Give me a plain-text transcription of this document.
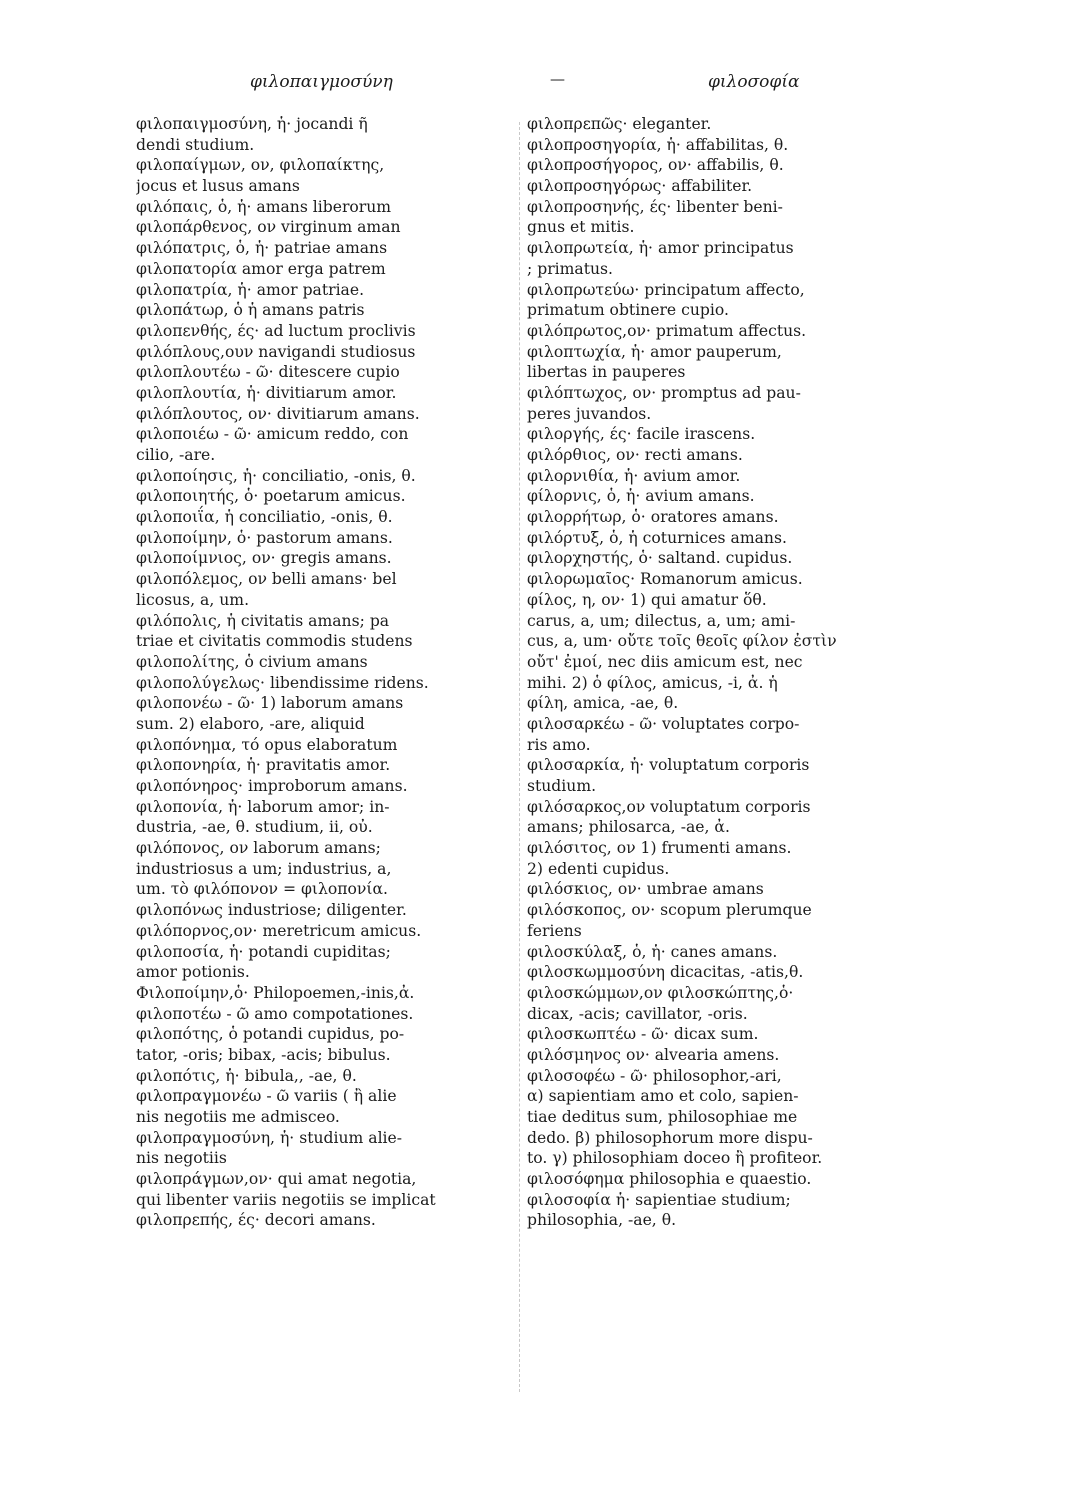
φιλοπαιγμοσύνη	—	φιλοσοφία
φιλοπαιγμοσύνη, ἡ· jocandi ῆ
dendi studium.
φιλοπαίγμων, ον, φιλοπαίκτης,
jocus et lusus amans
φιλόπαις, ὁ, ἡ· amans liberorum
φιλοπάρθενος, ον virginum aman
φιλόπατρις, ὁ, ἡ· patriae amans
φιλοπατορία amor erga patrem
φιλοπατρία, ἡ· amor patriae.
φιλοπάτωρ, ὁ ἡ amans patris
φιλοπενθής, ές· ad luctum proclivis
φιλόπλους,ουν navigandi studiosus
φιλοπλουτέω - ῶ· ditescere cupio
φιλοπλουτία, ἡ· divitiarum amor.
φιλόπλουτος, ον· divitiarum amans.
φιλοποιέω - ῶ· amicum reddo, con
cilio, -are.
φιλοποίησις, ἡ· conciliatio, -onis, θ.
φιλοποιητής, ὁ· poetarum amicus.
φιλοποιΐα, ἡ conciliatio, -onis, θ.
φιλοποίμην, ὁ· pastorum amans.
φιλοποίμνιος, ον· gregis amans.
φιλοπόλεμος, ον belli amans· bel
licosus, a, um.
φιλόπολις, ἡ civitatis amans; pa
triae et civitatis commodis studens
φιλοπολίτης, ὁ civium amans
φιλοπολύγελως· libendissime ridens.
φιλοπονέω - ῶ· 1) laborum amans
sum. 2) elaboro, -are, aliquid
φιλοπόνημα, τό opus elaboratum
φιλοπονηρία, ἡ· pravitatis amor.
φιλοπόνηρος· improborum amans.
φιλοπονία, ἡ· laborum amor; in-
dustria, -ae, θ. studium, ii, οὐ.
φιλόπονος, ον laborum amans;
industriosus a um; industrius, a,
um. τὸ φιλόπονον = φιλοπονία.
φιλοπόνως industriose; diligenter.
φιλόπορνος,ον· meretricum amicus.
φιλοποσία, ἡ· potandi cupiditas;
amor potionis.
Φιλοποίμην,ὁ· Philopoemen,-inis,ἀ.
φιλοποτέω - ῶ amo compotationes.
φιλοπότης, ὁ potandi cupidus, po-
tator, -oris; bibax, -acis; bibulus.
φιλοπότις, ἡ· bibula,, -ae, θ.
φιλοπραγμονέω - ῶ variis ( ἢ alie
nis negotiis me admisceo.
φιλοπραγμοσύνη, ἡ· studium alie-
nis negotiis
φιλοπράγμων,ον· qui amat negotia,
qui libenter variis negotiis se implicat
φιλοπρεπής, ές· decori amans.
φιλοπρεπῶς· eleganter.
φιλοπροσηγορία, ἡ· affabilitas, θ.
φιλοπροσήγορος, ον· affabilis, θ.
φιλοπροσηγόρως· affabiliter.
φιλοπροσηνής, ές· libenter beni-
gnus et mitis.
φιλοπρωτεία, ἡ· amor principatus
; primatus.
φιλοπρωτεύω· principatum affecto,
primatum obtinere cupio.
φιλόπρωτος,ον· primatum affectus.
φιλοπτωχία, ἡ· amor pauperum,
libertas in pauperes
φιλόπτωχος, ον· promptus ad pau-
peres juvandos.
φιλοργής, ές· facile irascens.
φιλόρθιος, ον· recti amans.
φιλορνιθία, ἡ· avium amor.
φίλορνις, ὁ, ἡ· avium amans.
φιλορρήτωρ, ὁ· oratores amans.
φιλόρτυξ, ὁ, ἡ coturnices amans.
φιλορχηστής, ὁ· saltand. cupidus.
φιλορωμαῖος· Romanorum amicus.
φίλος, η, ον· 1) qui amatur ὅθ.
carus, a, um; dilectus, a, um; ami-
cus, a, um· οὔτε τοῖς θεοῖς φίλον ἐστὶν
οὔτ' ἐμοί, nec diis amicum est, nec
mihi. 2) ὁ φίλος, amicus, -i, ἀ. ἡ
φίλη, amica, -ae, θ.
φιλοσαρκέω - ῶ· voluptates corpo-
ris amo.
φιλοσαρκία, ἡ· voluptatum corporis
studium.
φιλόσαρκος,ον voluptatum corporis
amans; philosarca, -ae, ἀ.
φιλόσιτος, ον 1) frumenti amans.
2) edenti cupidus.
φιλόσκιος, ον· umbrae amans
φιλόσκοπος, ον· scopum plerumque
feriens
φιλοσκύλαξ, ὁ, ἡ· canes amans.
φιλοσκωμμοσύνη dicacitas, -atis,θ.
φιλοσκώμμων,ον φιλοσκώπτης,ὁ·
dicax, -acis; cavillator, -oris.
φιλοσκωπτέω - ῶ· dicax sum.
φιλόσμηνος ον· alvearia amens.
φιλοσοφέω - ῶ· philosophor,-ari,
α) sapientiam amo et colo, sapien-
tiae deditus sum, philosophiae me
dedo. β) philosophorum more dispu-
to. γ) philosophiam doceo ἢ profiteor.
φιλοσόφημα philosophia e quaestio.
φιλοσοφία ἡ· sapientiae studium;
philosophia, -ae, θ.
